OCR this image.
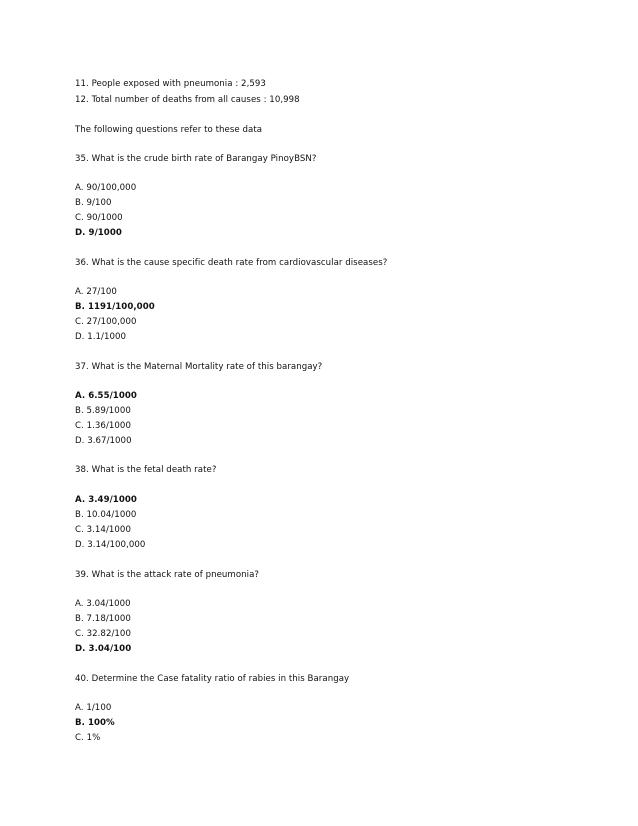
11. People exposed with pneumonia : 2,593
12. Total number of deaths from all causes : 10,998
The following questions refer to these data
35. What is the crude birth rate of Barangay PinoyBSN?
A. 90/100,000
B. 9/100
C. 90/1000
D. 9/1000
36. What is the cause specific death rate from cardiovascular diseases?
A. 27/100
B. 1191/100,000
C. 27/100,000
D. 1.1/1000
37. What is the Maternal Mortality rate of this barangay?
A. 6.55/1000
B. 5.89/1000
C. 1.36/1000
D. 3.67/1000
38. What is the fetal death rate?
A. 3.49/1000
B. 10.04/1000
C. 3.14/1000
D. 3.14/100,000
39. What is the attack rate of pneumonia?
A. 3.04/1000
B. 7.18/1000
C. 32.82/100
D. 3.04/100
40. Determine the Case fatality ratio of rabies in this Barangay
A. 1/100
B. 100%
C. 1%
